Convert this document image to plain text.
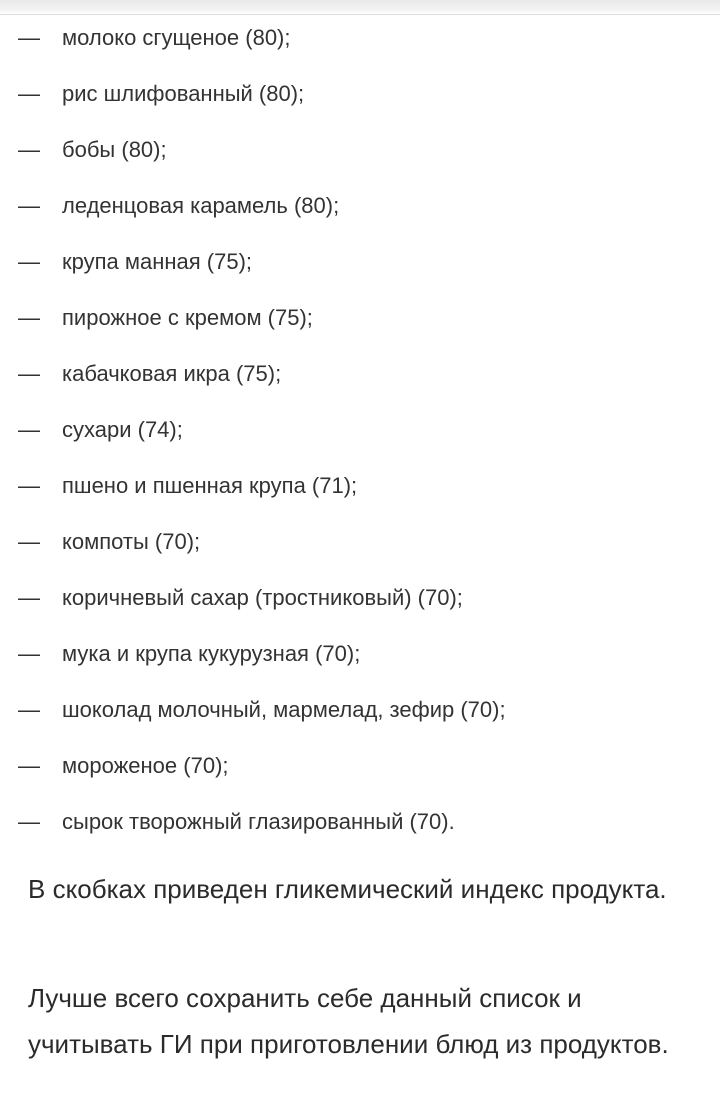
—	молоко сгущеное (80);
—	рис шлифованный (80);
—	бобы (80);
—	леденцовая карамель (80);
—	крупа манная (75);
—	пирожное с кремом (75);
—	кабачковая икра (75);
—	сухари (74);
—	пшено и пшенная крупа (71);
—	компоты (70);
—	коричневый сахар (тростниковый) (70);
—	мука и крупа кукурузная (70);
—	шоколад молочный, мармелад, зефир (70);
—	мороженое (70);
—	сырок творожный глазированный (70).

В скобках приведен гликемический индекс продукта.

Лучше всего сохранить себе данный список и учитывать ГИ при приготовлении блюд из продуктов.
